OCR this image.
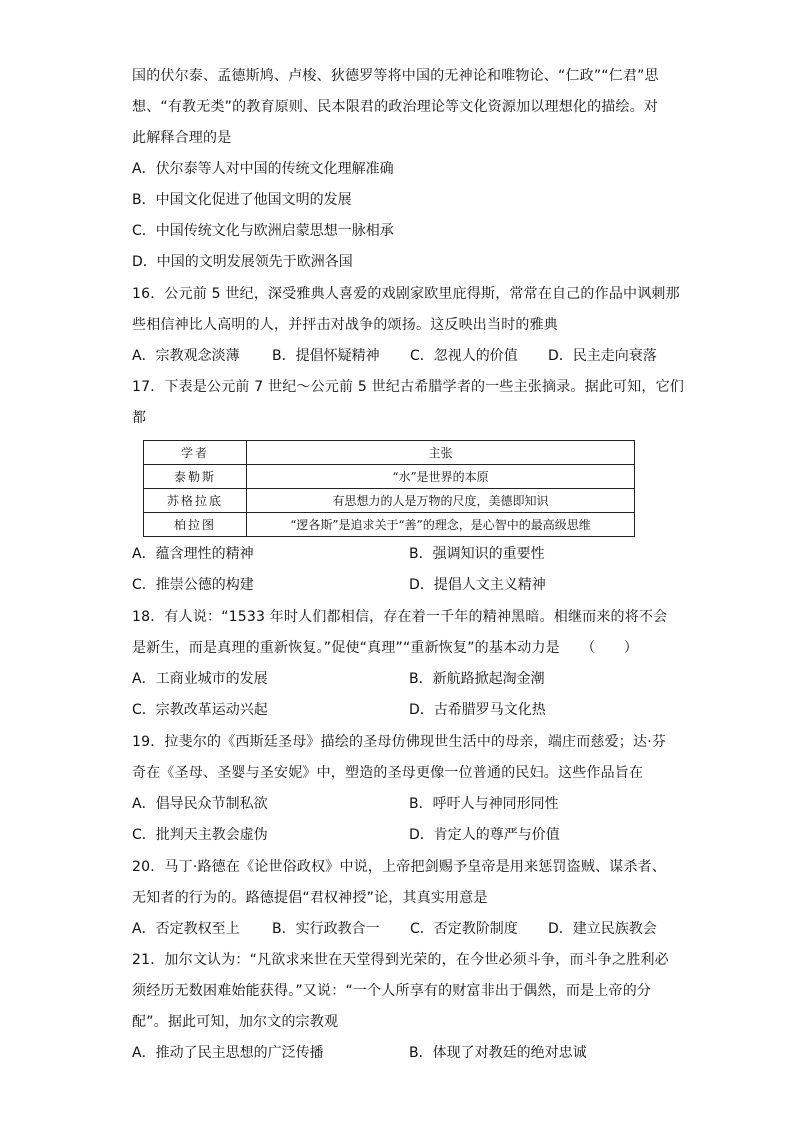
国的伏尔泰、孟德斯鸠、卢梭、狄德罗等将中国的无神论和唯物论、“仁政”“仁君”思
想、“有教无类”的教育原则、民本限君的政治理论等文化资源加以理想化的描绘。对
此解释合理的是
A．伏尔泰等人对中国的传统文化理解准确
B．中国文化促进了他国文明的发展
C．中国传统文化与欧洲启蒙思想一脉相承
D．中国的文明发展领先于欧洲各国
16．公元前 5 世纪，深受雅典人喜爱的戏剧家欧里庇得斯，常常在自己的作品中讽刺那
些相信神比人高明的人，并抨击对战争的颂扬。这反映出当时的雅典
A．宗教观念淡薄 B．提倡怀疑精神 C．忽视人的价值 D．民主走向衰落
17．下表是公元前 7 世纪～公元前 5 世纪古希腊学者的一些主张摘录。据此可知，它们
都
学者	主张
泰勒斯	“水”是世界的本原
苏格拉底	有思想力的人是万物的尺度，美德即知识
柏拉图	“逻各斯”是追求关于“善”的理念，是心智中的最高级思维
A．蕴含理性的精神	B．强调知识的重要性
C．推崇公德的构建	D．提倡人文主义精神
18．有人说：“1533 年时人们都相信，存在着一千年的精神黑暗。相继而来的将不会
是新生，而是真理的重新恢复。”促使“真理”“重新恢复”的基本动力是　　（　　）
A．工商业城市的发展	B．新航路掀起淘金潮
C．宗教改革运动兴起	D．古希腊罗马文化热
19．拉斐尔的《西斯廷圣母》描绘的圣母仿佛现世生活中的母亲，端庄而慈爱；达·芬
奇在《圣母、圣婴与圣安妮》中，塑造的圣母更像一位普通的民妇。这些作品旨在
A．倡导民众节制私欲	B．呼吁人与神同形同性
C．批判天主教会虚伪	D．肯定人的尊严与价值
20．马丁·路德在《论世俗政权》中说，上帝把剑赐予皇帝是用来惩罚盗贼、谋杀者、
无知者的行为的。路德提倡“君权神授”论，其真实用意是
A．否定教权至上 B．实行政教合一 C．否定教阶制度 D．建立民族教会
21．加尔文认为：“凡欲求来世在天堂得到光荣的，在今世必须斗争，而斗争之胜利必
须经历无数困难始能获得。”又说：“一个人所享有的财富非出于偶然，而是上帝的分
配”。据此可知，加尔文的宗教观
A．推动了民主思想的广泛传播	B．体现了对教廷的绝对忠诚
